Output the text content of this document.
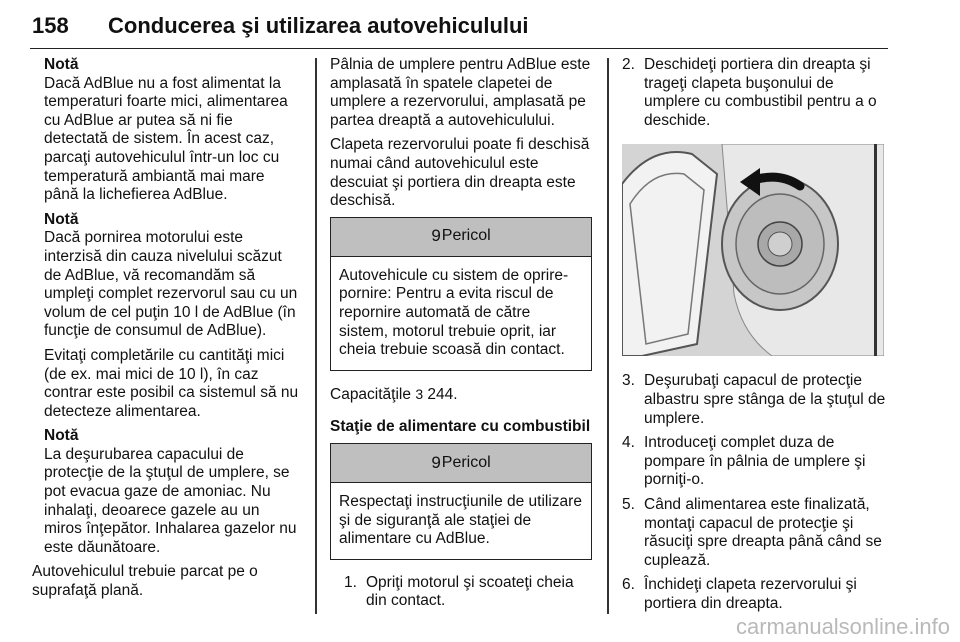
158	Conducerea şi utilizarea autovehiculului
Notă

Dacă AdBlue nu a fost alimentat la temperaturi foarte mici, alimentarea cu AdBlue ar putea să ni fie detectată de sistem. În acest caz, parcaţi autovehiculul într-un loc cu temperatură ambiantă mai mare până la lichefierea AdBlue.

Notă

Dacă pornirea motorului este interzisă din cauza nivelului scăzut de AdBlue, vă recomandăm să umpleţi complet rezervorul sau cu un volum de cel puţin 10 l de AdBlue (în funcţie de consumul de AdBlue).

Evitaţi completările cu cantităţi mici (de ex. mai mici de 10 l), în caz contrar este posibil ca sistemul să nu detecteze alimentarea.

Notă

La deşurubarea capacului de protecţie de la ştuţul de umplere, se pot evacua gaze de amoniac. Nu inhalaţi, deoarece gazele au un miros înţepător. Inhalarea gazelor nu este dăunătoare.

Autovehiculul trebuie parcat pe o suprafaţă plană.

Pâlnia de umplere pentru AdBlue este amplasată în spatele clapetei de umplere a rezervorului, amplasată pe partea dreaptă a autovehiculului.

Clapeta rezervorului poate fi deschisă numai când autovehiculul este descuiat şi portiera din dreapta este deschisă.

9 Pericol
Autovehicule cu sistem de oprire-pornire: Pentru a evita riscul de repornire automată de către sistem, motorul trebuie oprit, iar cheia trebuie scoasă din contact.

Capacităţile 3 244.

Staţie de alimentare cu combustibil

9 Pericol
Respectaţi instrucţiunile de utilizare şi de siguranţă ale staţiei de alimentare cu AdBlue.
1. Opriţi motorul şi scoateţi cheia din contact.
2. Deschideţi portiera din dreapta şi trageţi clapeta buşonului de umplere cu combustibil pentru a o deschide.
3. Deşurubaţi capacul de protecţie albastru spre stânga de la ştuţul de umplere.
4. Introduceţi complet duza de pompare în pâlnia de umplere şi porniţi-o.
5. Când alimentarea este finalizată, montaţi capacul de protecţie şi răsuciţi spre dreapta până când se cuplează.
6. Închideţi clapeta rezervorului şi portiera din dreapta.
carmanualsonline.info
